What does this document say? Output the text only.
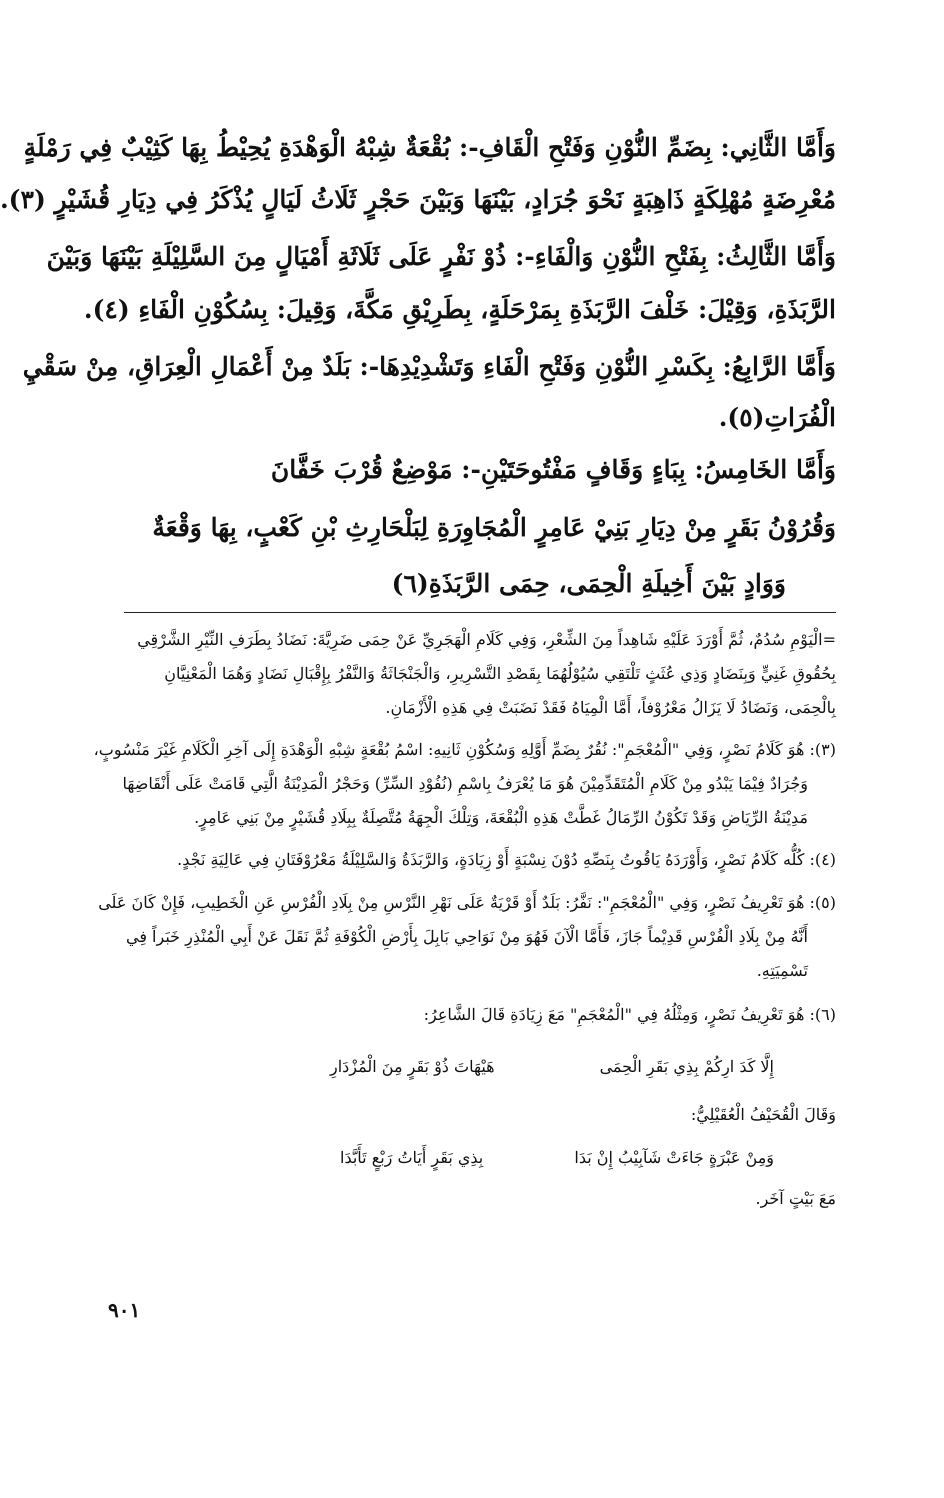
وَأَمَّا الثَّانِي: بِضَمِّ النُّوْنِ وَفَتْحِ الْقَافِ-: بُقْعَةٌ شِبْهُ الْوَهْدَةِ يُحِيْطُ بِهَا كَثِيْبٌ فِي رَمْلَةٍ
مُعْرِضَةٍ مُهْلِكَةٍ ذَاهِبَةٍ نَحْوَ جُرَادٍ، بَيْنَهَا وَبَيْنَ حَجْرٍ ثَلَاثُ لَيَالٍ يُذْكَرُ فِي دِيَارِ قُشَيْرٍ (٣).
وَأَمَّا الثَّالِثُ: بِفَتْحِ النُّوْنِ وَالْفَاءِ-: ذُوْ نَفْرٍ عَلَى ثَلَاثَةِ أَمْيَالٍ مِنَ السَّلِيْلَةِ بَيْنَهَا وَبَيْنَ
الرَّبَذَةِ، وَقِيْلَ: خَلْفَ الرَّبَذَةِ بِمَرْحَلَةٍ، بِطَرِيْقِ مَكَّةَ، وَقِيلَ: بِسُكُوْنِ الْفَاءِ (٤).
وَأَمَّا الرَّابِعُ: بِكَسْرِ النُّوْنِ وَفَتْحِ الْفَاءِ وَتَشْدِيْدِهَا-: بَلَدٌ مِنْ أَعْمَالِ الْعِرَاقِ، مِنْ سَقْيِ
الْفُرَاتِ(٥).
وَأَمَّا الخَامِسُ: بِبَاءٍ وَقَافٍ مَفْتُوحَتَيْنِ-: مَوْضِعٌ قُرْبَ خَفَّانَ
وَقُرُوْنُ بَقَرٍ مِنْ دِيَارِ بَنِيْ عَامِرٍ الْمُجَاوِرَةِ لِبَلْحَارِثِ بْنِ كَعْبٍ، بِهَا وَقْعَةٌ
وَوَادٍ بَيْنَ أَخِيلَةِ الْحِمَى، حِمَى الرَّبَذَةِ(٦)
=الْيَوْمِ سُدُمٌ، ثُمَّ أَوْرَدَ عَلَيْهِ شَاهِداً مِنَ الشِّعْرِ، وَفِي كَلَامِ الْهَجَرِيِّ عَنْ حِمَى ضَرِيَّةَ: نَضَادُ بِطَرَفِ النِّيْرِ الشَّرْقِي
بِحُقُوقِ غَنِيٍّ وَبِنَضَادٍ وَذِي عُثَثٍ تَلْتَقِي سُيُوْلُهُمَا بِقَصْدِ التَّسْرِيرِ، وَالْجَنْجَاثَةُ وَالنَّفْرُ بِإِقْبَالِ نَضَادٍ وَهُمَا الْمَعْنِيَّانِ
بِالْحِمَى، وَنَضَادُ لَا يَزَالُ مَعْرُوْفاً، أَمَّا الْمِيَاهُ فَقَدْ نَضَبَتْ فِي هَذِهِ الْأَزْمَانِ.
(٣): هُوَ كَلَامُ نَصْرٍ، وَفِي "الْمُعْجَمِ": نُقُرٌ بِضَمِّ أَوَّلِهِ وَسُكُوْنِ ثَانِيهِ: اسْمُ بُقْعَةٍ شِبْهِ الْوَهْدَةِ إِلَى آخِرِ الْكَلَامِ غَيْرَ مَنْسُوبٍ،
وَجُرَادٌ فِيْمَا يَبْدُو مِنْ كَلَامِ الْمُتَقَدِّمِيْنَ هُوَ مَا يُعْرَفُ بِاسْمِ (نُفُوْدِ السِّرِّ) وَحَجْرُ الْمَدِيْنَةُ الَّتِي قَامَتْ عَلَى أَنْقَاضِهَا
مَدِيْنَةُ الرِّيَاضِ وَقَدْ تَكُوْنُ الرِّمَالُ غَطَّتْ هَذِهِ الْبُقْعَةَ، وَتِلْكَ الْجِهَةُ مُتَّصِلَةٌ بِبِلَادِ قُشَيْرٍ مِنْ بَنِي عَامِرٍ.
(٤): كُلُّه كَلَامُ نَصْرٍ، وَأَوْرَدَهُ يَاقُوتُ بِنَصِّهِ دُوْنَ نِسْبَةٍ أَوْ زِيَادَةٍ، وَالرَّبَذَةُ وَالسَّلِيْلَةُ مَعْرُوْفَتَانِ فِي عَالِيَةِ نَجْدٍ.
(٥): هُوَ تَعْرِيفُ نَصْرٍ، وَفِي "الْمُعْجَمِ": نَفَّرُ: بَلَدٌ أَوْ قَرْيَةٌ عَلَى نَهْرِ النَّرْسِ مِنْ بِلَادِ الْفُرْسِ عَنِ الْخَطِيبِ، فَإِنْ كَانَ عَلَى
أَنَّهُ مِنْ بِلَادِ الْفُرْسِ قَدِيْماً جَازَ، فَأَمَّا الْآنَ فَهُوَ مِنْ نَوَاحِي بَابِلَ بِأَرْضِ الْكُوْفَةِ ثُمَّ نَقَلَ عَنْ أَبِي الْمُنْذِرِ خَبَراً فِي
تَسْمِيَتِهِ.
(٦): هُوَ تَعْرِيفُ نَصْرٍ، وَمِثْلُهُ فِي "الْمُعْجَمِ" مَعَ زِيَادَةِ قَالَ الشَّاعِرُ:
إِلَّا كَدَ ارِكُمْ بِذِي بَقَرِ الْحِمَى
هَيْهَاتَ ذُوْ بَقَرٍ مِنَ الْمُزْدَارِ
وَقَالَ الْقُحَيْفُ الْعُقَيْلِيُّ:
وَمِنْ عَبْرَةٍ جَاءَتْ شَآبِيْبُ إِنْ بَدَا
بِذِي بَقَرٍ أَيَاتُ رَبْعٍ تَأَبَّدَا
مَعَ بَيْتٍ آخَر.
٩٠١
